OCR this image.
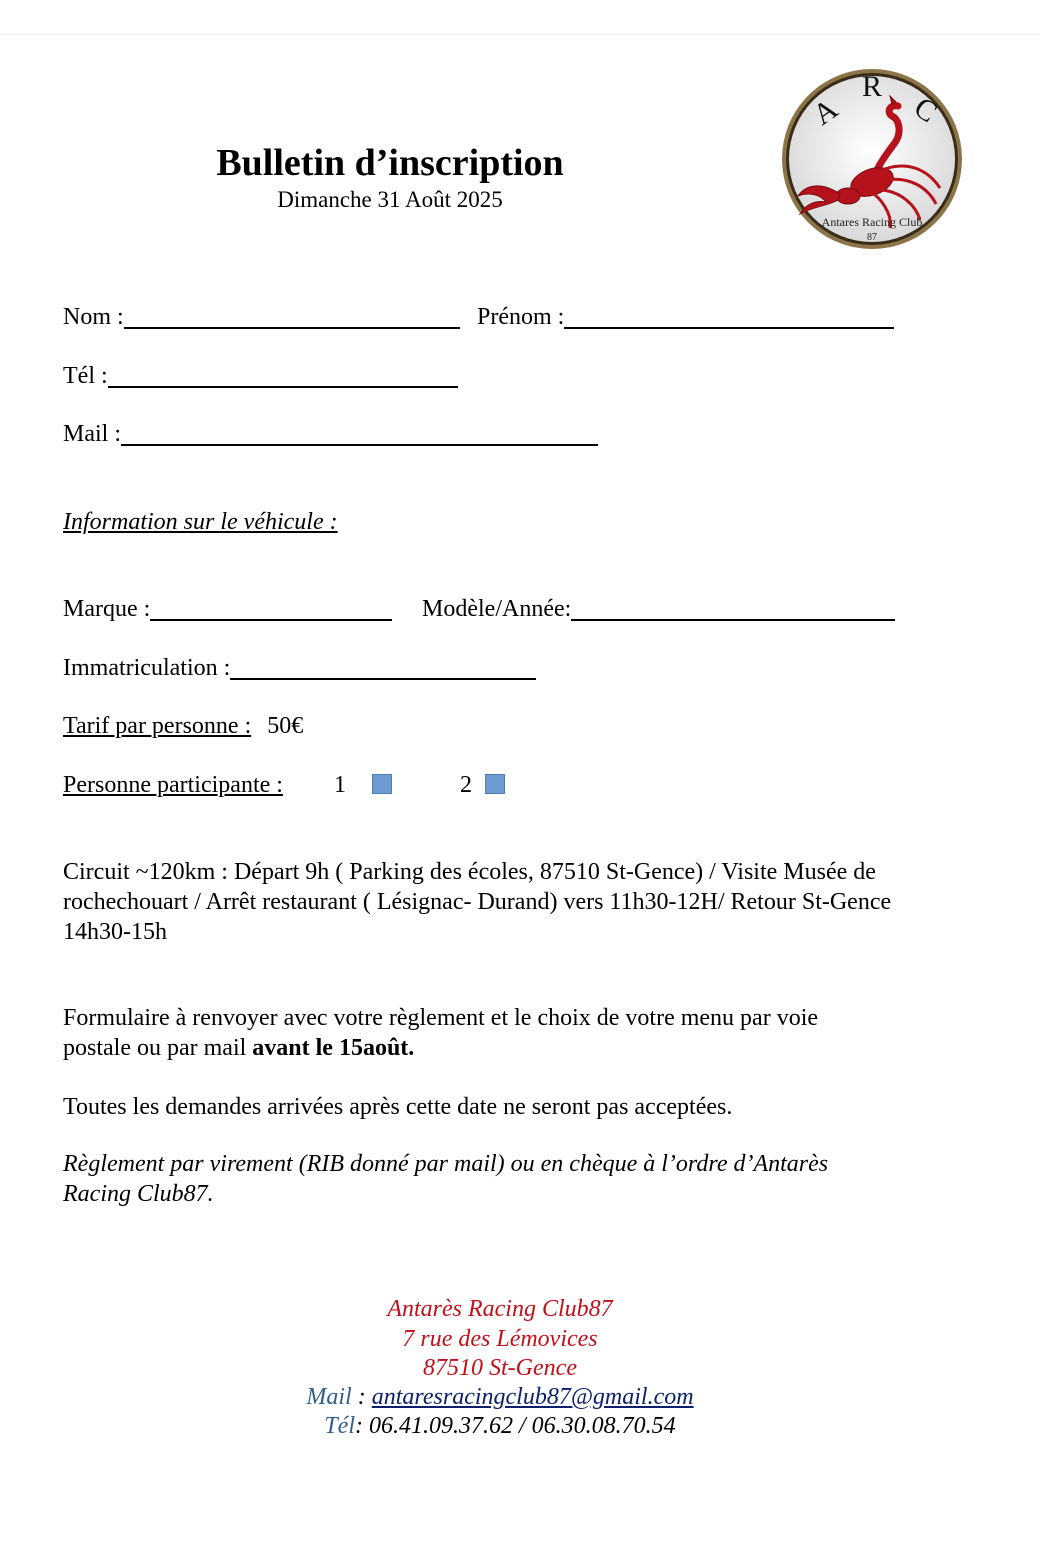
Bulletin d’inscription
Dimanche 31 Août 2025
A
R
C
Antares Racing Club
87
Nom :	Prénom :
Tél :
Mail :
Information sur le véhicule :
Marque :	Modèle/Année:
Immatriculation :
Tarif par personne : 50€
Personne participante : 1	2
Circuit ~120km : Départ 9h ( Parking des écoles, 87510 St-Gence) / Visite Musée de rochechouart / Arrêt restaurant ( Lésignac- Durand) vers 11h30-12H/ Retour St-Gence 14h30-15h
Formulaire à renvoyer avec votre règlement et le choix de votre menu par voie postale ou par mail avant le 15août.
Toutes les demandes arrivées après cette date ne seront pas acceptées.
Règlement par virement (RIB donné par mail) ou en chèque à l’ordre d’Antarès Racing Club87.
Antarès Racing Club87
7 rue des Lémovices
87510 St-Gence
Mail : antaresracingclub87@gmail.com
Tél: 06.41.09.37.62 / 06.30.08.70.54
